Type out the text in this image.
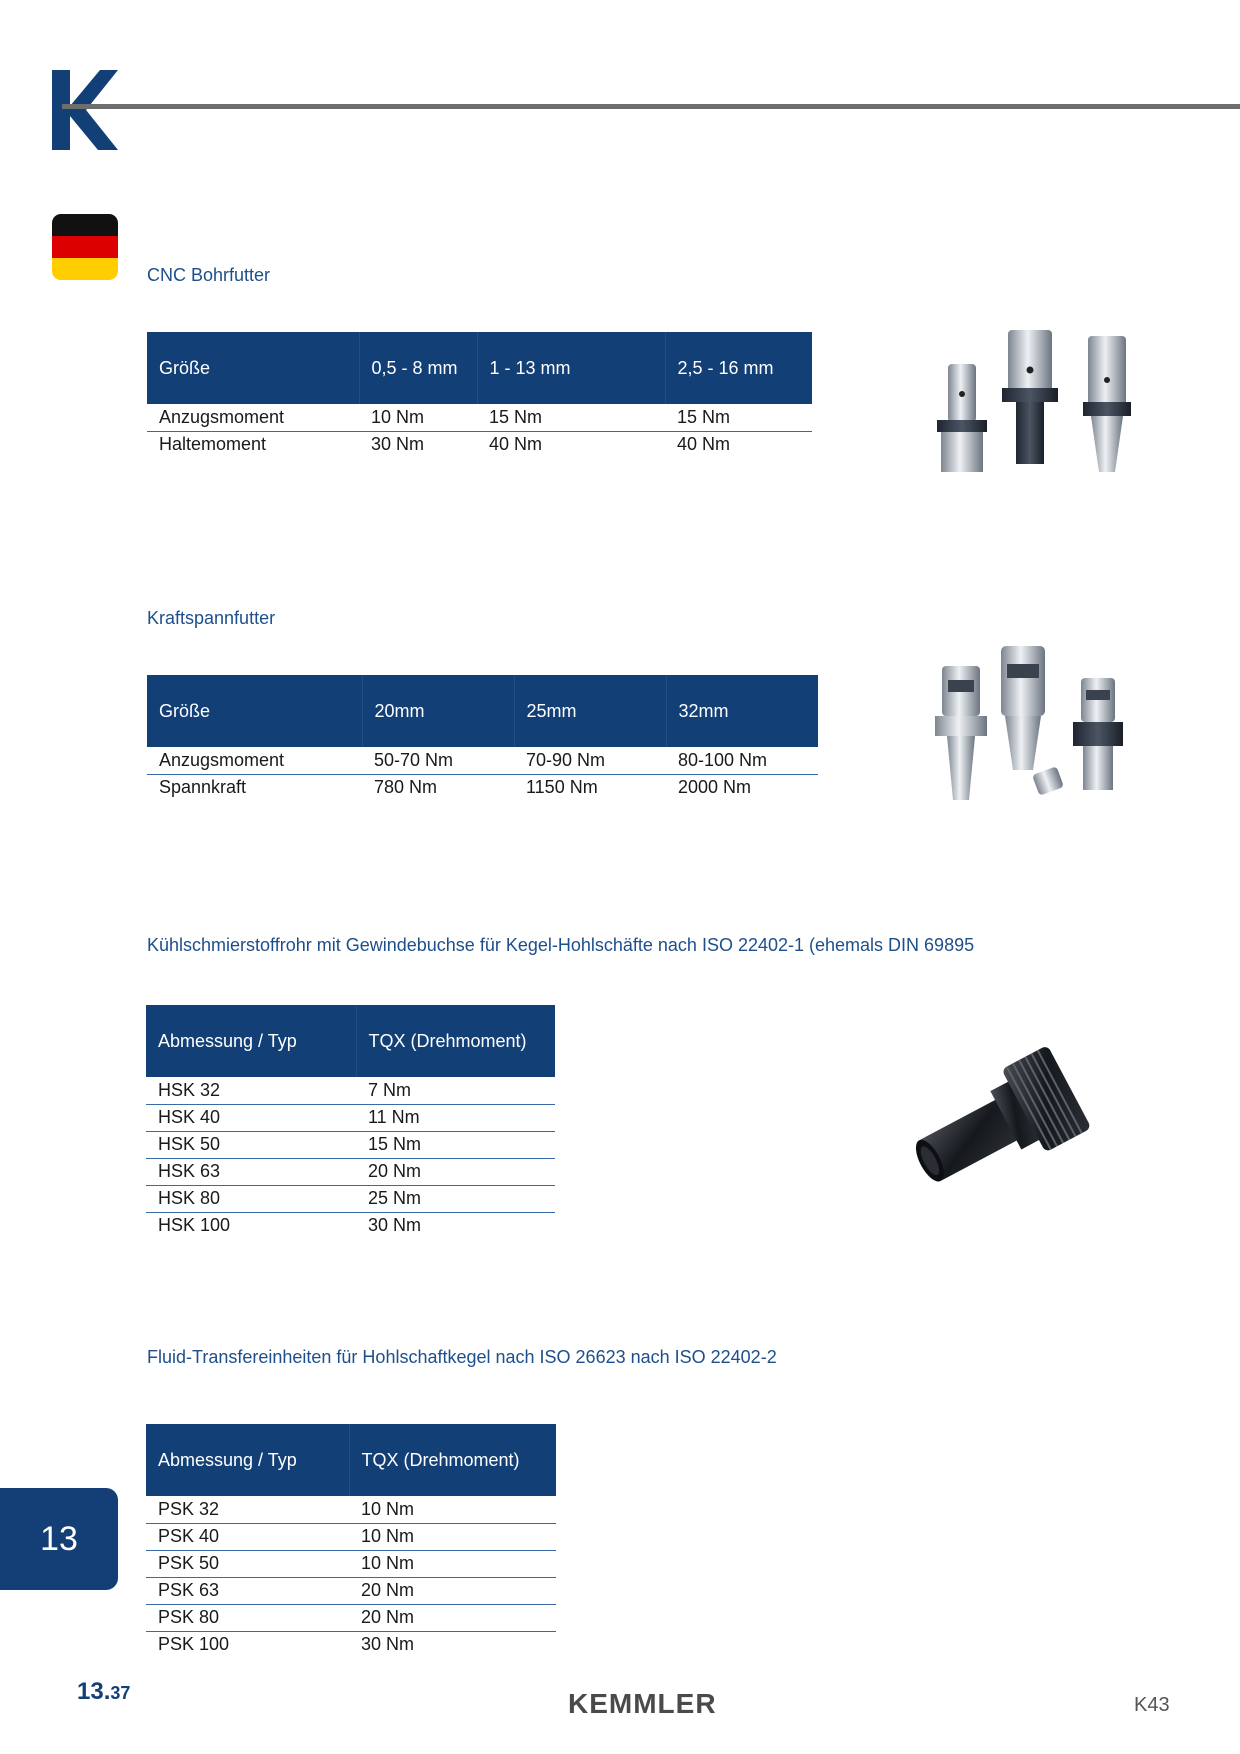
CNC Bohrfutter
Größe	0,5 - 8 mm	1 - 13 mm	2,5 - 16 mm
Anzugsmoment	10 Nm	15 Nm	15 Nm
Haltemoment	30 Nm	40 Nm	40 Nm
Kraftspannfutter
Größe	20mm	25mm	32mm
Anzugsmoment	50-70 Nm	70-90 Nm	80-100 Nm
Spannkraft	780 Nm	1150 Nm	2000 Nm
Kühlschmierstoffrohr mit Gewindebuchse für Kegel-Hohlschäfte nach ISO 22402-1 (ehemals DIN 69895
Abmessung / Typ	TQX (Drehmoment)
HSK 32	7 Nm
HSK 40	11 Nm
HSK 50	15 Nm
HSK 63	20 Nm
HSK 80	25 Nm
HSK 100	30 Nm
Fluid-Transfereinheiten für Hohlschaftkegel nach ISO 26623 nach ISO 22402-2
Abmessung / Typ	TQX (Drehmoment)
PSK 32	10 Nm
PSK 40	10 Nm
PSK 50	10 Nm
PSK 63	20 Nm
PSK 80	20 Nm
PSK 100	30 Nm
13
13.37	KEMMLER	K43
